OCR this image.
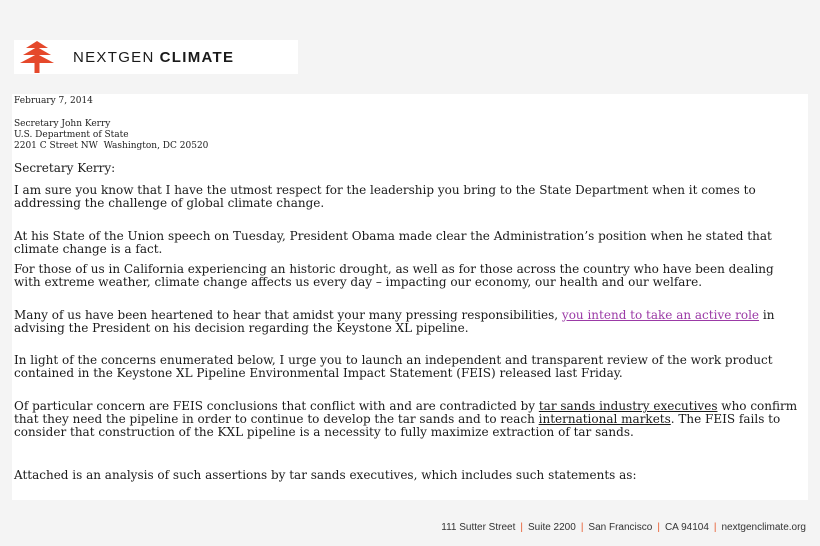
NEXTGEN CLIMATE
February 7, 2014
Secretary John Kerry
U.S. Department of State
2201 C Street NW  Washington, DC 20520

Secretary Kerry:

I am sure you know that I have the utmost respect for the leadership you bring to the State Department when it comes to addressing the challenge of global climate change.

At his State of the Union speech on Tuesday, President Obama made clear the Administration’s position when he stated that climate change is a fact.

For those of us in California experiencing an historic drought, as well as for those across the country who have been dealing with extreme weather, climate change affects us every day – impacting our economy, our health and our welfare.

Many of us have been heartened to hear that amidst your many pressing responsibilities, you intend to take an active role in advising the President on his decision regarding the Keystone XL pipeline.

In light of the concerns enumerated below, I urge you to launch an independent and transparent review of the work product contained in the Keystone XL Pipeline Environmental Impact Statement (FEIS) released last Friday.

Of particular concern are FEIS conclusions that conflict with and are contradicted by tar sands industry executives who confirm that they need the pipeline in order to continue to develop the tar sands and to reach international markets. The FEIS fails to consider that construction of the KXL pipeline is a necessity to fully maximize extraction of tar sands.

Attached is an analysis of such assertions by tar sands executives, which includes such statements as:

111 Sutter Street | Suite 2200 | San Francisco | CA 94104 | nextgenclimate.org
